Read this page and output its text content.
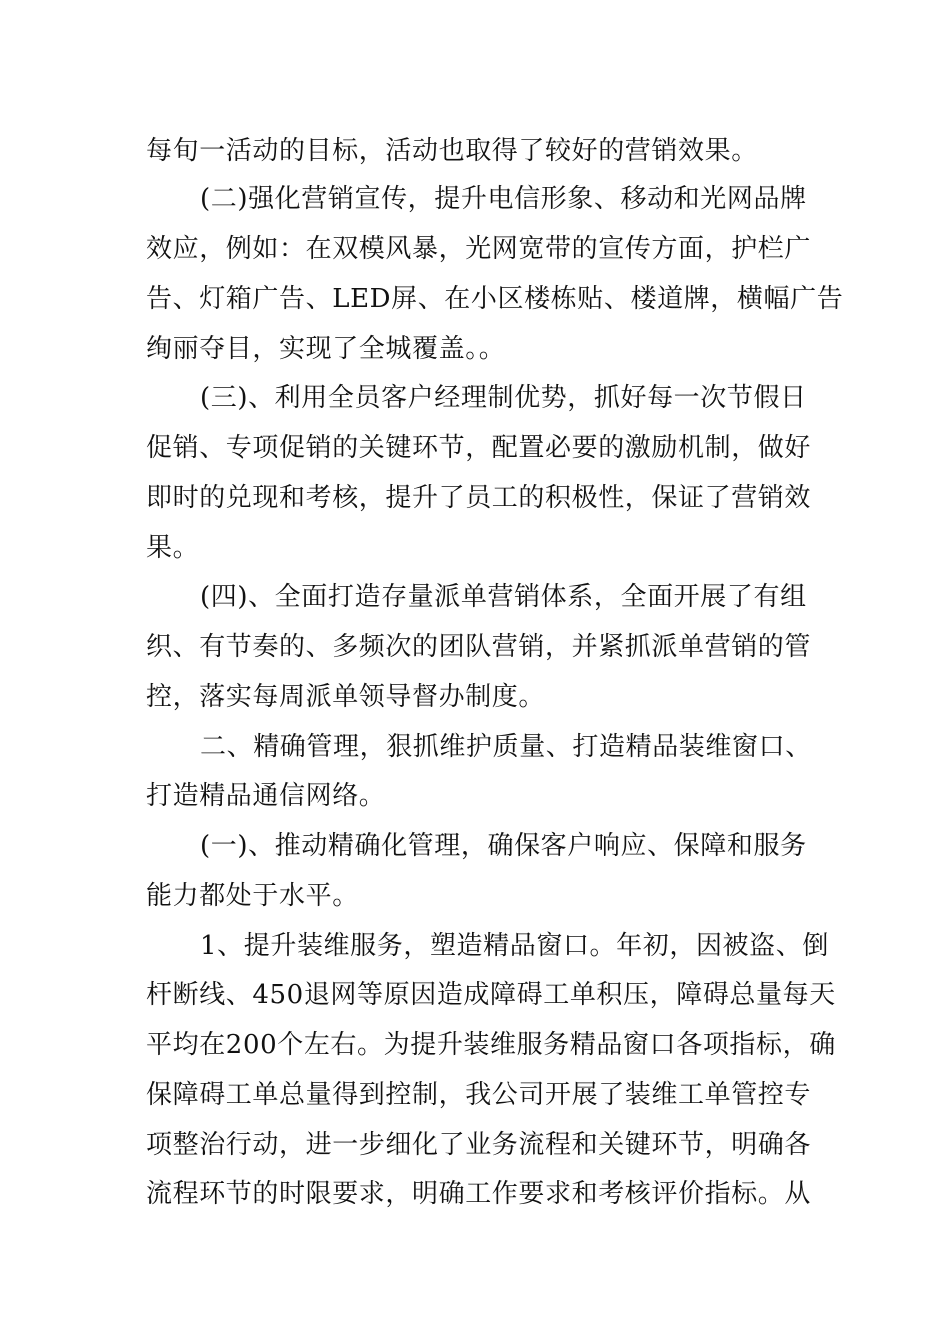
每旬一活动的目标，活动也取得了较好的营销效果。
(二)强化营销宣传，提升电信形象、移动和光网品牌
效应，例如：在双模风暴，光网宽带的宣传方面，护栏广
告、灯箱广告、LED屏、在小区楼栋贴、楼道牌，横幅广告
绚丽夺目，实现了全城覆盖。。
(三)、利用全员客户经理制优势，抓好每一次节假日
促销、专项促销的关键环节，配置必要的激励机制，做好
即时的兑现和考核，提升了员工的积极性，保证了营销效
果。
(四)、全面打造存量派单营销体系，全面开展了有组
织、有节奏的、多频次的团队营销，并紧抓派单营销的管
控，落实每周派单领导督办制度。
二、精确管理，狠抓维护质量、打造精品装维窗口、
打造精品通信网络。
(一)、推动精确化管理，确保客户响应、保障和服务
能力都处于水平。
1、提升装维服务，塑造精品窗口。年初，因被盗、倒
杆断线、450退网等原因造成障碍工单积压，障碍总量每天
平均在200个左右。为提升装维服务精品窗口各项指标，确
保障碍工单总量得到控制，我公司开展了装维工单管控专
项整治行动，进一步细化了业务流程和关键环节，明确各
流程环节的时限要求，明确工作要求和考核评价指标。从
